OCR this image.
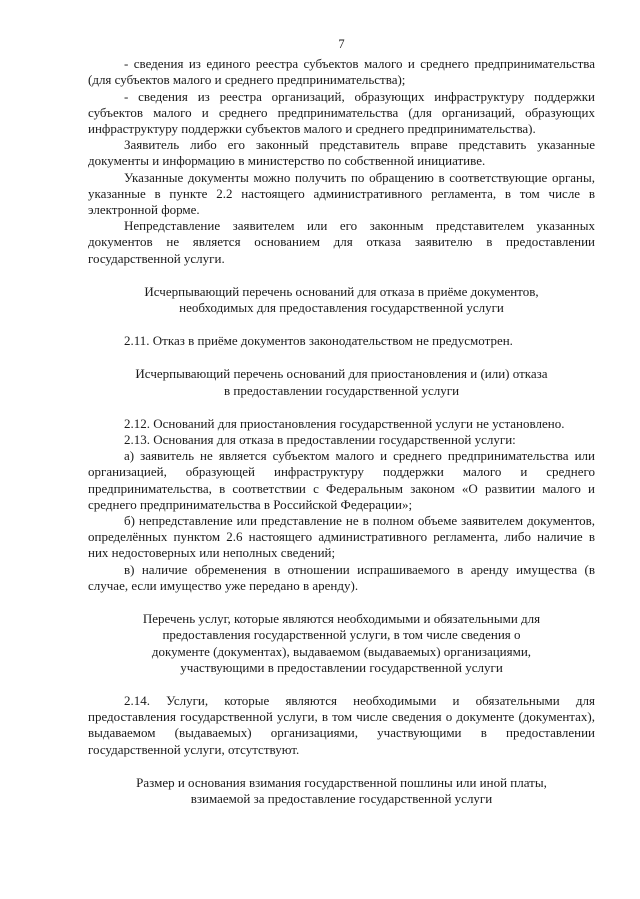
7

- сведения из единого реестра субъектов малого и среднего предпринимательства (для субъектов малого и среднего предпринимательства);

- сведения из реестра организаций, образующих инфраструктуру поддержки субъектов малого и среднего предпринимательства (для организаций, образующих инфраструктуру поддержки субъектов малого и среднего предпринимательства).

Заявитель либо его законный представитель вправе представить указанные документы и информацию в министерство по собственной инициативе.

Указанные документы можно получить по обращению в соответствующие органы, указанные в пункте 2.2 настоящего административного регламента, в том числе в электронной форме.

Непредставление заявителем или его законным представителем указанных документов не является основанием для отказа заявителю в предоставлении государственной услуги.

Исчерпывающий перечень оснований для отказа в приёме документов,
необходимых для предоставления государственной услуги

2.11. Отказ в приёме документов законодательством не предусмотрен.

Исчерпывающий перечень оснований для приостановления и (или) отказа
в предоставлении государственной услуги

2.12. Оснований для приостановления государственной услуги не установлено.

2.13. Основания для отказа в предоставлении государственной услуги:

а) заявитель не является субъектом малого и среднего предпринимательства или организацией, образующей инфраструктуру поддержки малого и среднего предпринимательства, в соответствии с Федеральным законом «О развитии малого и среднего предпринимательства в Российской Федерации»;

б) непредставление или представление не в полном объеме заявителем документов, определённых пунктом 2.6 настоящего административного регламента, либо наличие в них недостоверных или неполных сведений;

в) наличие обременения в отношении испрашиваемого в аренду имущества (в случае, если имущество уже передано в аренду).

Перечень услуг, которые являются необходимыми и обязательными для
предоставления государственной услуги, в том числе сведения о
документе (документах), выдаваемом (выдаваемых) организациями,
участвующими в предоставлении государственной услуги

2.14. Услуги, которые являются необходимыми и обязательными для предоставления государственной услуги, в том числе сведения о документе (документах), выдаваемом (выдаваемых) организациями, участвующими в предоставлении государственной услуги, отсутствуют.

Размер и основания взимания государственной пошлины или иной платы,
взимаемой за предоставление государственной услуги
